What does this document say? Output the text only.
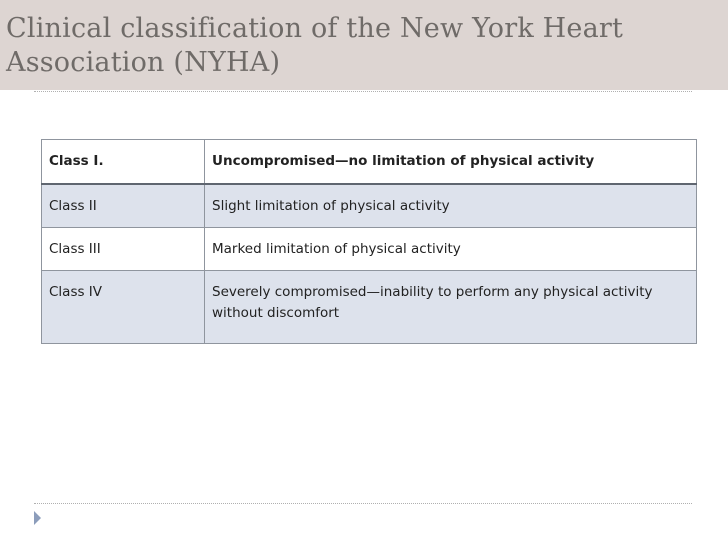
Clinical classification of the New York Heart
Association (NYHA)
Class I.	Uncompromised—no limitation of physical activity
Class II	Slight limitation of physical activity
Class III	Marked limitation of physical activity
Class IV	Severely compromised—inability to perform any physical activity without discomfort
